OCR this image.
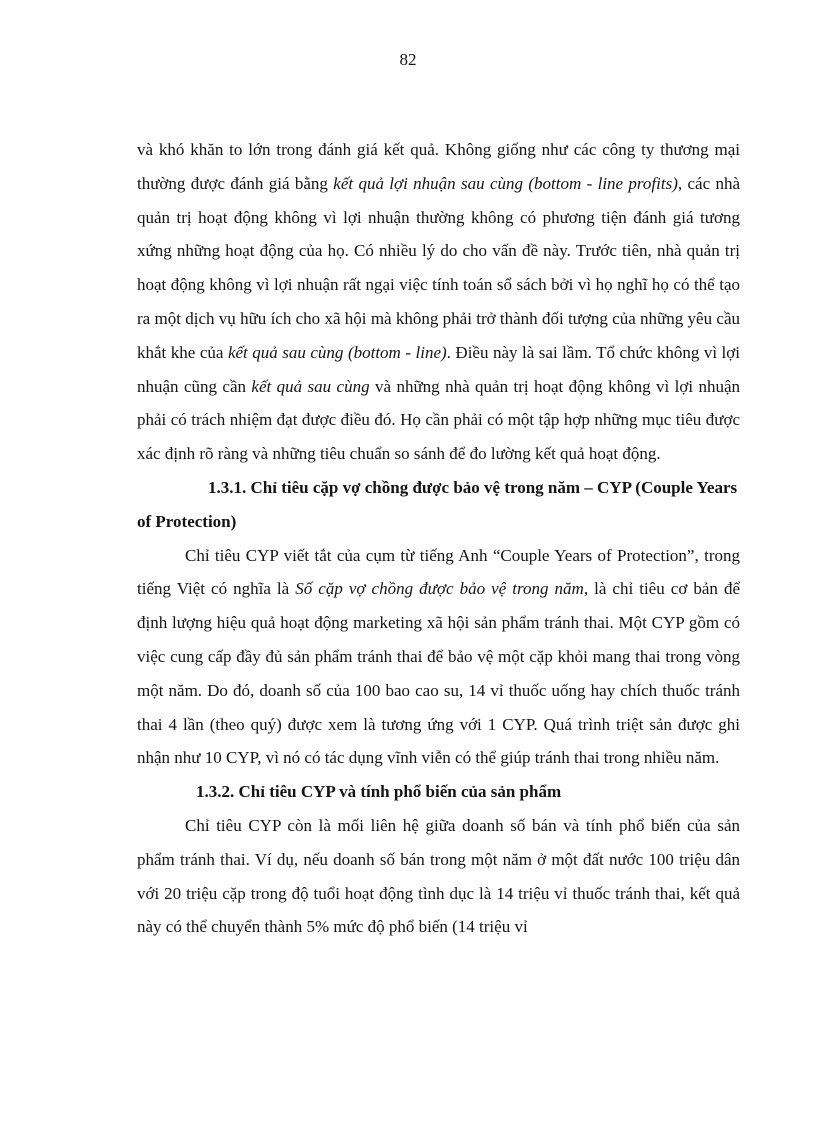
82

và khó khăn to lớn trong đánh giá kết quả. Không giống như các công ty thương mại thường được đánh giá bằng kết quả lợi nhuận sau cùng (bottom - line profits), các nhà quản trị hoạt động không vì lợi nhuận thường không có phương tiện đánh giá tương xứng những hoạt động của họ. Có nhiều lý do cho vấn đề này. Trước tiên, nhà quản trị hoạt động không vì lợi nhuận rất ngại việc tính toán sổ sách bởi vì họ nghĩ họ có thể tạo ra một dịch vụ hữu ích cho xã hội mà không phải trở thành đối tượng của những yêu cầu khắt khe của kết quả sau cùng (bottom - line). Điều này là sai lầm. Tổ chức không vì lợi nhuận cũng cần kết quả sau cùng và những nhà quản trị hoạt động không vì lợi nhuận phải có trách nhiệm đạt được điều đó. Họ cần phải có một tập hợp những mục tiêu được xác định rõ ràng và những tiêu chuẩn so sánh để đo lường kết quả hoạt động.

1.3.1. Chỉ tiêu cặp vợ chồng được bảo vệ trong năm – CYP (Couple Years of Protection)

Chỉ tiêu CYP viết tắt của cụm từ tiếng Anh “Couple Years of Protection”, trong tiếng Việt có nghĩa là Số cặp vợ chồng được bảo vệ trong năm, là chỉ tiêu cơ bản để định lượng hiệu quả hoạt động marketing xã hội sản phẩm tránh thai. Một CYP gồm có việc cung cấp đầy đủ sản phẩm tránh thai để bảo vệ một cặp khỏi mang thai trong vòng một năm. Do đó, doanh số của 100 bao cao su, 14 vỉ thuốc uống hay chích thuốc tránh thai 4 lần (theo quý) được xem là tương ứng với 1 CYP. Quá trình triệt sản được ghi nhận như 10 CYP, vì nó có tác dụng vĩnh viễn có thể giúp tránh thai trong nhiều năm.

1.3.2. Chỉ tiêu CYP và tính phổ biến của sản phẩm

Chỉ tiêu CYP còn là mối liên hệ giữa doanh số bán và tính phổ biến của sản phẩm tránh thai. Ví dụ, nếu doanh số bán trong một năm ở một đất nước 100 triệu dân với 20 triệu cặp trong độ tuổi hoạt động tình dục là 14 triệu vỉ thuốc tránh thai, kết quả này có thể chuyển thành 5% mức độ phổ biến (14 triệu vỉ
